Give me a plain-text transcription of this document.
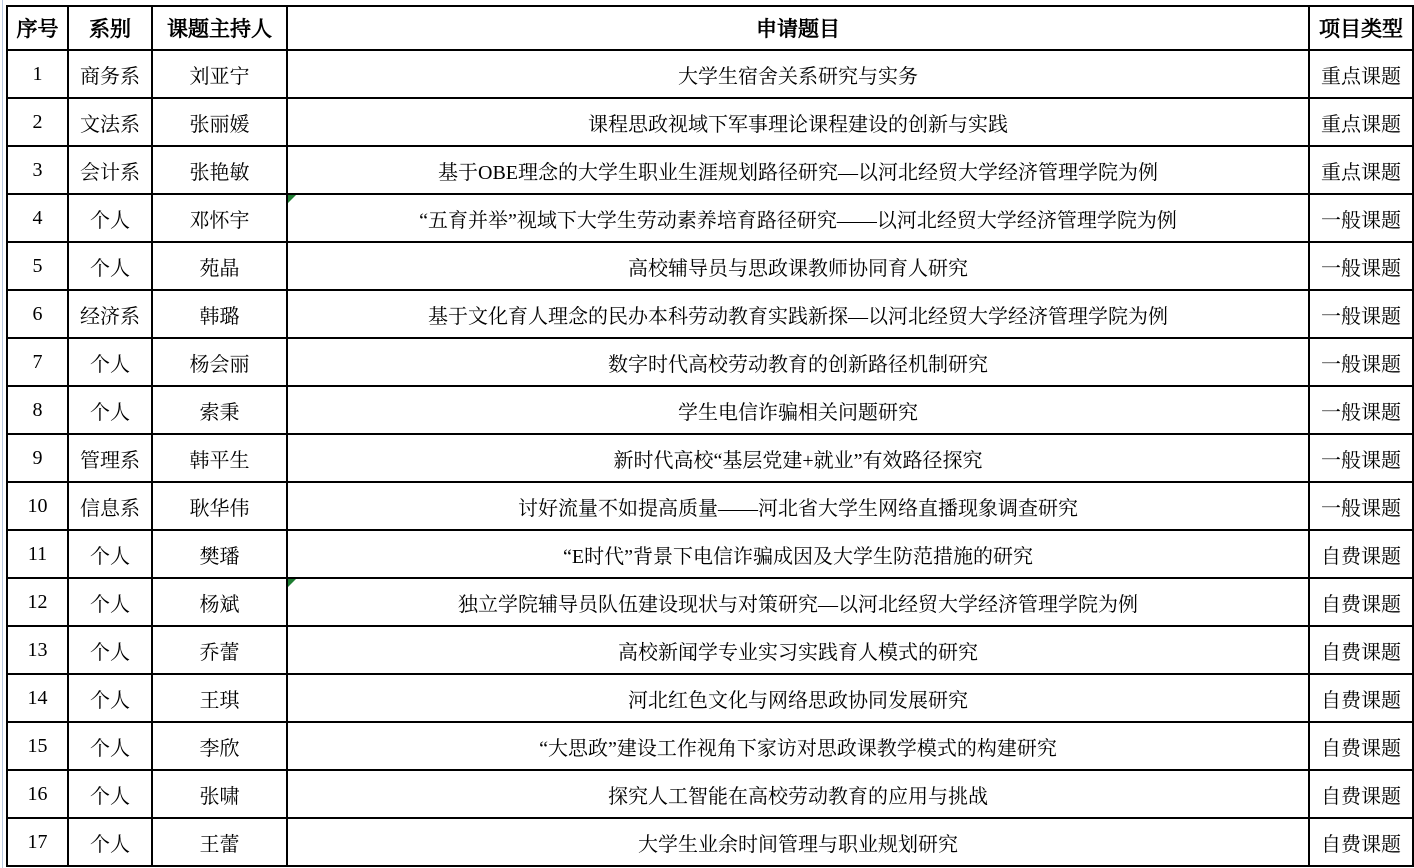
序号	系别	课题主持人	申请题目	项目类型
1	商务系	刘亚宁	大学生宿舍关系研究与实务	重点课题
2	文法系	张丽媛	课程思政视域下军事理论课程建设的创新与实践	重点课题
3	会计系	张艳敏	基于OBE理念的大学生职业生涯规划路径研究—以河北经贸大学经济管理学院为例	重点课题
4	个人	邓怀宇	“五育并举”视域下大学生劳动素养培育路径研究——以河北经贸大学经济管理学院为例	一般课题
5	个人	苑晶	高校辅导员与思政课教师协同育人研究	一般课题
6	经济系	韩璐	基于文化育人理念的民办本科劳动教育实践新探—以河北经贸大学经济管理学院为例	一般课题
7	个人	杨会丽	数字时代高校劳动教育的创新路径机制研究	一般课题
8	个人	索秉	学生电信诈骗相关问题研究	一般课题
9	管理系	韩平生	新时代高校“基层党建+就业”有效路径探究	一般课题
10	信息系	耿华伟	讨好流量不如提高质量——河北省大学生网络直播现象调查研究	一般课题
11	个人	樊璠	“E时代”背景下电信诈骗成因及大学生防范措施的研究	自费课题
12	个人	杨斌	独立学院辅导员队伍建设现状与对策研究—以河北经贸大学经济管理学院为例	自费课题
13	个人	乔蕾	高校新闻学专业实习实践育人模式的研究	自费课题
14	个人	王琪	河北红色文化与网络思政协同发展研究	自费课题
15	个人	李欣	“大思政”建设工作视角下家访对思政课教学模式的构建研究	自费课题
16	个人	张啸	探究人工智能在高校劳动教育的应用与挑战	自费课题
17	个人	王蕾	大学生业余时间管理与职业规划研究	自费课题
